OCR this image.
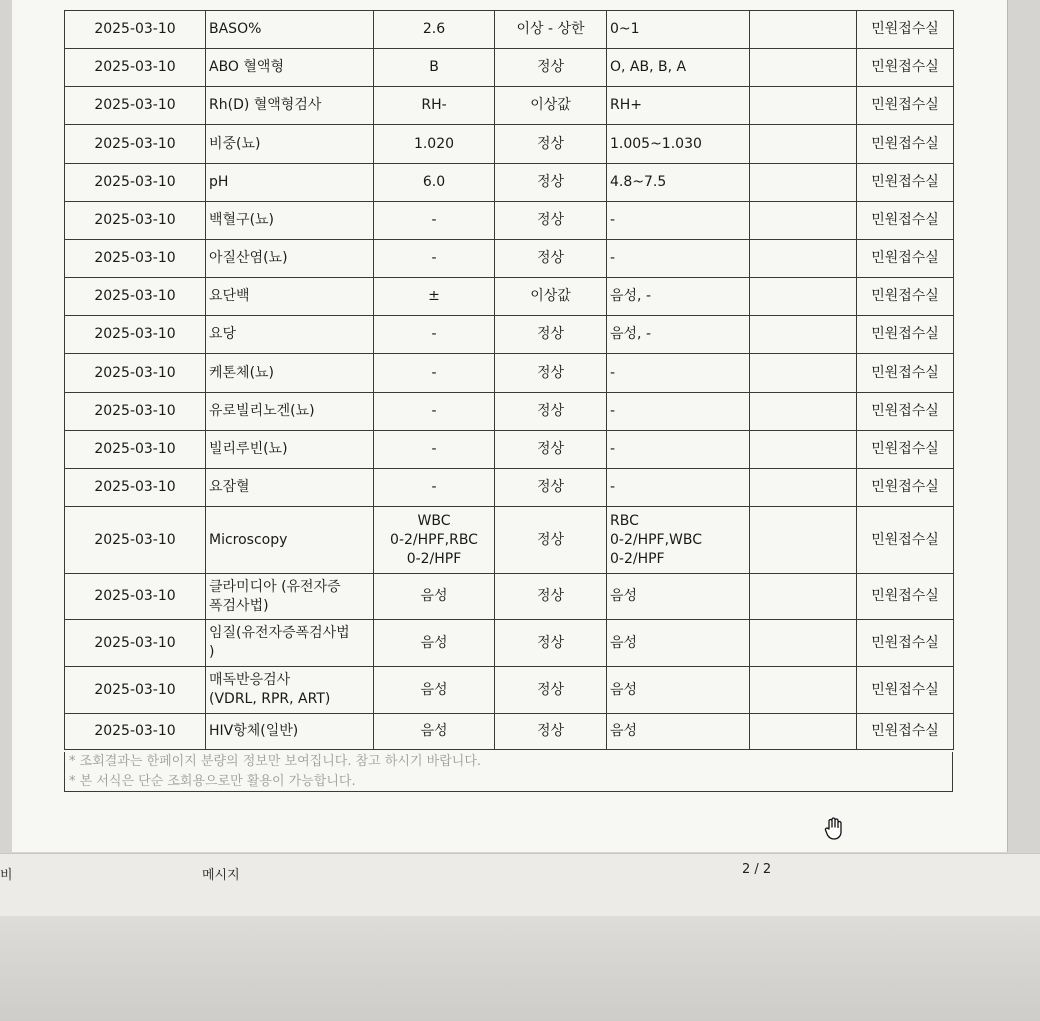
2025-03-10	BASO%	2.6	이상 - 상한	0~1		민원접수실
2025-03-10	ABO 혈액형	B	정상	O, AB, B, A		민원접수실
2025-03-10	Rh(D) 혈액형검사	RH-	이상값	RH+		민원접수실
2025-03-10	비중(뇨)	1.020	정상	1.005~1.030		민원접수실
2025-03-10	pH	6.0	정상	4.8~7.5		민원접수실
2025-03-10	백혈구(뇨)	-	정상	-		민원접수실
2025-03-10	아질산염(뇨)	-	정상	-		민원접수실
2025-03-10	요단백	±	이상값	음성, -		민원접수실
2025-03-10	요당	-	정상	음성, -		민원접수실
2025-03-10	케톤체(뇨)	-	정상	-		민원접수실
2025-03-10	유로빌리노겐(뇨)	-	정상	-		민원접수실
2025-03-10	빌리루빈(뇨)	-	정상	-		민원접수실
2025-03-10	요잠혈	-	정상	-		민원접수실
2025-03-10	Microscopy	WBC
0-2/HPF,RBC
0-2/HPF	정상	RBC
0-2/HPF,WBC
0-2/HPF		민원접수실
2025-03-10	클라미디아 (유전자증
폭검사법)	음성	정상	음성		민원접수실
2025-03-10	임질(유전자증폭검사법
)	음성	정상	음성		민원접수실
2025-03-10	매독반응검사
(VDRL, RPR, ART)	음성	정상	음성		민원접수실
2025-03-10	HIV항체(일반)	음성	정상	음성		민원접수실
* 조회결과는 한페이지 분량의 정보만 보여집니다. 참고 하시기 바랍니다.
* 본 서식은 단순 조회용으로만 활용이 가능합니다.
비	메시지	2 / 2
